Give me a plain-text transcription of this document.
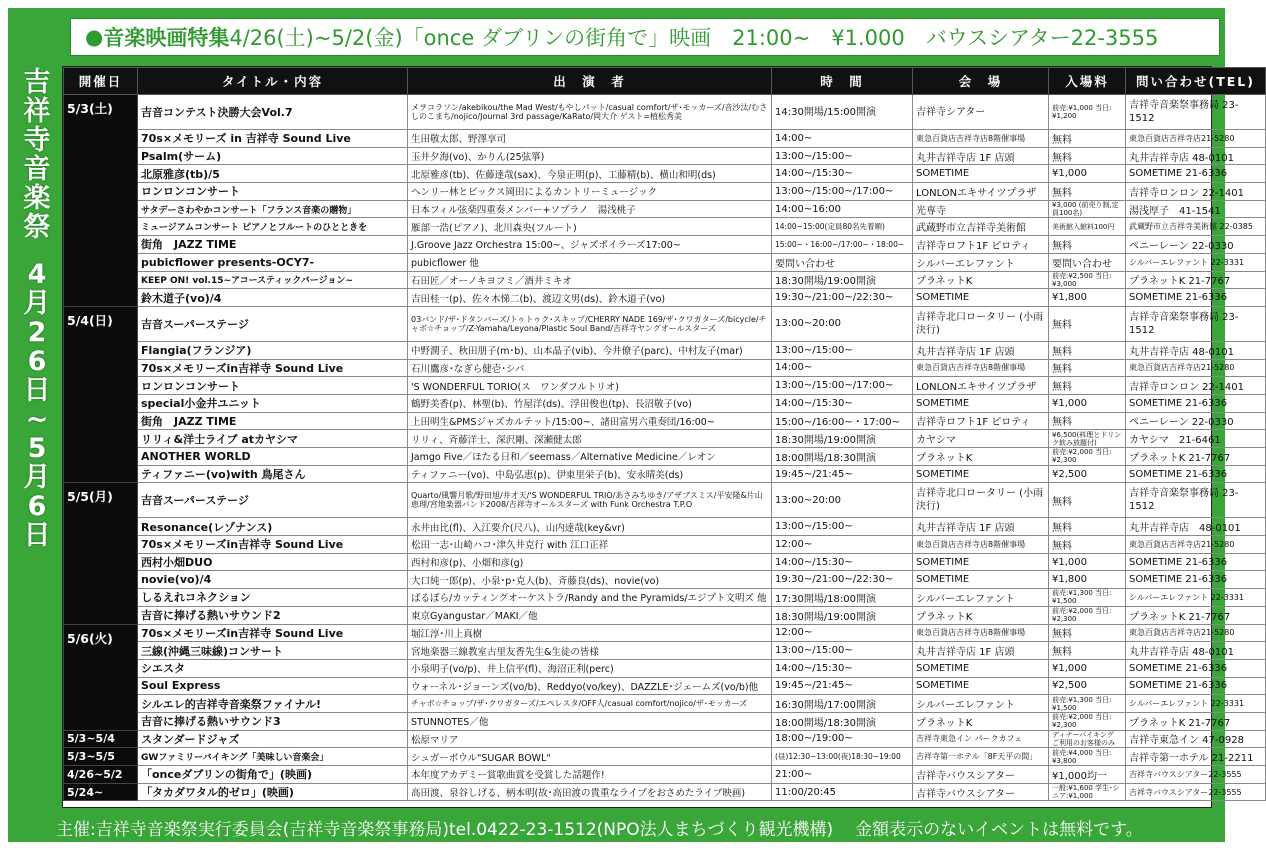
● 音楽映画特集 4/26(土)~5/2(金)「once ダブリンの街角で」映画　21:00~　¥1.000　バウスシアター22-3555
吉
祥
寺
音
楽
祭
4
月
2
6
日
~
5
月
6
日
開催日	タイトル・内容	出　演　者	時　間	会　場	入場料	問い合わせ(TEL)
5/3(土)	吉音コンテスト決勝大会Vol.7	メヲコラソン/akebikou/the Mad West/もやしパット/casual comfort/ザ･モッカーズ/音沙汰/むさしのこまち/nojico/Journal 3rd passage/KaRato/岡大介 ゲスト=植松秀美	14:30開場/15:00開演	吉祥寺シアター	前売:¥1,000 当日:¥1,200	吉祥寺音楽祭事務局 23-1512
	70s×メモリーズ in 吉祥寺 Sound Live	生田敬太郎、野澤享司	14:00~	東急百貨店吉祥寺店8階催事場	無料	東急百貨店吉祥寺店21-5280
	Psalm(サーム)	玉井夕海(vo)、かりん(25弦箏)	13:00~/15:00~	丸井吉祥寺店 1F 店頭	無料	丸井吉祥寺店 48-0101
	北原雅彦(tb)/5	北原雅彦(tb)、佐藤達哉(sax)、今泉正明(p)、工藤精(b)、横山和明(ds)	14:00~/15:30~	SOMETIME	¥1,000	SOMETIME 21-6336
	ロンロンコンサート	ヘンリー林とビックス岡田によるカントリーミュージック	13:00~/15:00~/17:00~	LONLONエキサイツプラザ	無料	吉祥寺ロンロン 22-1401
	サタデーさわやかコンサート「フランス音楽の贈物」	日本フィル弦楽四重奏メンバー+ソプラノ　湯浅桃子	14:00~16:00	光専寺	¥3,000 (前売り制,定員100名)	湯浅厚子　41-1541
	ミュージアムコンサート ピアノとフルートのひとときを	雁部一浩(ピアノ)、北川森央(フルート)	14:00~15:00(定員80名先着順)	武蔵野市立吉祥寺美術館	美術館入館料100円	武蔵野市立吉祥寺美術館 22-0385
	街角　JAZZ TIME	J.Groove Jazz Orchestra 15:00~、ジャズボイラーズ17:00~	15:00~・16:00~/17:00~・18:00~	吉祥寺ロフト1F ピロティ	無料	ペニーレーン 22-0330
	pubicflower presents-OCY7-	pubicflower 他	要問い合わせ	シルバーエレファント	要問い合わせ	シルバーエレファント 22-3331
	KEEP ON! vol.15~アコースティックバージョン~	石田匠／オーノキヨフミ／酒井ミキオ	18:30開場/19:00開演	プラネットK	前売:¥2,500 当日:¥3,000	プラネットK 21-7767
	鈴木道子(vo)/4	吉田桂一(p)、佐々木悌二(b)、渡辺文男(ds)、鈴木道子(vo)	19:30~/21:00~/22:30~	SOMETIME	¥1,800	SOMETIME 21-6336
5/4(日)	吉音スーパーステージ	03バンド/ザ･ドタンバーズ/トゥトゥク･スキップ/CHERRY NADE 169/ザ･クワガターズ/bicycle/チャボ☆チョップ/Z-Yamaha/Leyona/Plastic Soul Band/吉祥寺ヤングオールスターズ	13:00~20:00	吉祥寺北口ロータリー (小雨決行)	無料	吉祥寺音楽祭事務局 23-1512
	Flangia(フランジア)	中野潤子、秋田朋子(m･b)、山本晶子(vib)、今井僚子(parc)、中村友子(mar)	13:00~/15:00~	丸井吉祥寺店 1F 店頭	無料	丸井吉祥寺店 48-0101
	70s×メモリーズin吉祥寺 Sound Live	石川鷹彦･なぎら健壱･シバ	14:00~	東急百貨店吉祥寺店8階催事場	無料	東急百貨店吉祥寺店21-5280
	ロンロンコンサート	'S WONDERFUL TORIO(ス　ワンダフルトリオ)	13:00~/15:00~/17:00~	LONLONエキサイツプラザ	無料	吉祥寺ロンロン 22-1401
	special小金井ユニット	鶴野美香(p)、林聖(b)、竹屋洋(ds)、浮田俊也(tp)、長沼敬子(vo)	14:00~/15:30~	SOMETIME	¥1,000	SOMETIME 21-6336
	街角　JAZZ TIME	上田明生&PMSジャズカルテット/15:00~、諸田富男六重奏団/16:00~	15:00~/16:00~・17:00~	吉祥寺ロフト1F ピロティ	無料	ペニーレーン 22-0330
	リリィ&洋士ライブ atカヤシマ	リリィ、斉藤洋士、深沢剛、深瀬健太郎	18:30開場/19:00開演	カヤシマ	¥6,500(料理とドリンク飲み放題付)	カヤシマ　21-6461
	ANOTHER WORLD	Jamgo Five／ほたる日和／seemass／Alternative Medicine／レオン	18:00開場/18:30開演	プラネットK	前売:¥2,000 当日:¥2,300	プラネットK 21-7767
	ティファニー(vo)with 鳥尾さん	ティファニー(vo)、中島弘恵(p)、伊東里栄子(b)、安永晴美(ds)	19:45~/21:45~	SOMETIME	¥2,500	SOMETIME 21-6336
5/5(月)	吉音スーパーステージ	Quarto/風響月歌/野田旭/井才天/'S WONDERFUL TRIO/あさみちゆき/アザブスミス/平安隆&片山恵理/宮地楽器バンド2008/吉祥寺オールスターズ with Funk Orchestra T.P.O	13:00~20:00	吉祥寺北口ロータリー (小雨決行)	無料	吉祥寺音楽祭事務局 23-1512
	Resonance(レゾナンス)	永井由比(fl)、入江要介(尺八)、山内達哉(key&vr)	13:00~/15:00~	丸井吉祥寺店 1F 店頭	無料	丸井吉祥寺店　48-0101
	70s×メモリーズin吉祥寺 Sound Live	松田一志･山崎ハコ･津久井克行 with 江口正祥	12:00~	東急百貨店吉祥寺店8階催事場	無料	東急百貨店吉祥寺店21-5280
	西村小畑DUO	西村和彦(p)、小畑和彦(g)	14:00~/15:30~	SOMETIME	¥1,000	SOMETIME 21-6336
	novie(vo)/4	大口純一郎(p)、小泉･p･克人(b)、斉藤良(ds)、novie(vo)	19:30~/21:00~/22:30~	SOMETIME	¥1,800	SOMETIME 21-6336
	しるえれコネクション	ばるぼら/カッティングオーケストラ/Randy and the Pyramids/エジプト文明ズ 他	17:30開場/18:00開演	シルバーエレファント	前売:¥1,300 当日:¥1,500	シルバーエレファント 22-3331
	吉音に捧げる熱いサウンド2	東京Gyangustar／MAKI／他	18:30開場/19:00開演	プラネットK	前売:¥2,000 当日:¥2,300	プラネットK 21-7767
5/6(火)	70s×メモリーズin吉祥寺 Sound Live	堀江淳･川上真樹	12:00~	東急百貨店吉祥寺店8階催事場	無料	東急百貨店吉祥寺店21-5280
	三線(沖縄三味線)コンサート	宮地楽器三線教室古里友香先生&生徒の皆様	13:00~/15:00~	丸井吉祥寺店 1F 店頭	無料	丸井吉祥寺店 48-0101
	シエスタ	小泉明子(vo/p)、井上信平(fl)、海沼正利(perc)	14:00~/15:30~	SOMETIME	¥1,000	SOMETIME 21-6336
	Soul Express	ウォーネル･ジョーンズ(vo/b)、Reddyo(vo/key)、DAZZLE･ジェームズ(vo/b)他	19:45~/21:45~	SOMETIME	¥2,500	SOMETIME 21-6336
	シルエレ的吉祥寺音楽祭ファイナル!	チャボ☆チョップ/ザ･クワガターズ/エペレスタ/OFF人/casual comfort/nojico/ザ･モッカーズ	16:30開場/17:00開演	シルバーエレファント	前売:¥1,300 当日:¥1,500	シルバーエレファント 22-3331
	吉音に捧げる熱いサウンド3	STUNNOTES／他	18:00開場/18:30開演	プラネットK	前売:¥2,000 当日:¥2,300	プラネットK 21-7767
5/3~5/4	スタンダードジャズ	松原マリア	18:00~/19:00~	吉祥寺東急イン パークカフェ	ディナーバイキング ご利用のお客様のみ	吉祥寺東急イン 47-0928
5/3~5/5	GWファミリーバイキング「美味しい音楽会」	シュガーボウル"SUGAR BOWL"	(昼)12:30~13:00(夜)18:30~19:00	吉祥寺第一ホテル「8F天平の間」	前売:¥4,000 当日:¥3,800	吉祥寺第一ホテル 21-2211
4/26~5/2	「onceダブリンの街角で」(映画)	本年度アカデミー賞歌曲賞を受賞した話題作!	21:00~	吉祥寺バウスシアター	¥1,000均一	吉祥寺バウスシアター22-3555
5/24~	「タカダワタル的ゼロ」(映画)	高田渡、泉谷しげる、柄本明(故･高田渡の貴重なライブをおさめたライブ映画)	11:00/20:45	吉祥寺バウスシアター	一般:¥1,600 学生･シニア:¥1,000	吉祥寺バウスシアター22-3555
主催:吉祥寺音楽祭実行委員会(吉祥寺音楽祭事務局)tel.0422-23-1512(NPO法人まちづくり観光機構) 金額表示のないイベントは無料です。
